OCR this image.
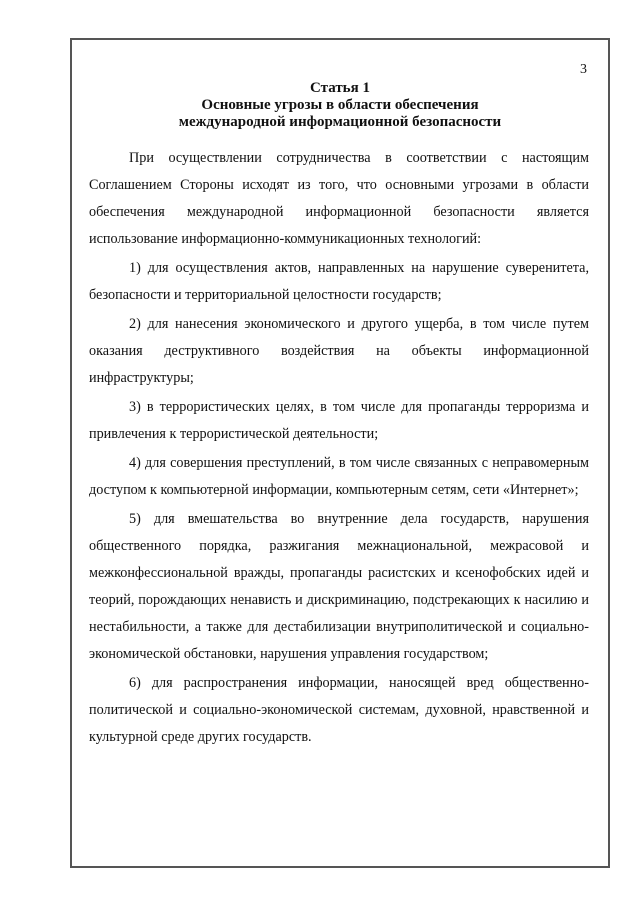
3
Статья 1
Основные угрозы в области обеспечения
международной информационной безопасности

При осуществлении сотрудничества в соответствии с настоящим Соглашением Стороны исходят из того, что основными угрозами в области обеспечения международной информационной безопасности является использование информационно-коммуникационных технологий:

1) для осуществления актов, направленных на нарушение суверенитета, безопасности и территориальной целостности государств;

2) для нанесения экономического и другого ущерба, в том числе путем оказания деструктивного воздействия на объекты информационной инфраструктуры;

3) в террористических целях, в том числе для пропаганды терроризма и привлечения к террористической деятельности;

4) для совершения преступлений, в том числе связанных с неправомерным доступом к компьютерной информации, компьютерным сетям, сети «Интернет»;

5) для вмешательства во внутренние дела государств, нарушения общественного порядка, разжигания межнациональной, межрасовой и межконфессиональной вражды, пропаганды расистских и ксенофобских идей и теорий, порождающих ненависть и дискриминацию, подстрекающих к насилию и нестабильности, а также для дестабилизации внутриполитической и социально-экономической обстановки, нарушения управления государством;

6) для распространения информации, наносящей вред общественно-политической и социально-экономической системам, духовной, нравственной и культурной среде других государств.
